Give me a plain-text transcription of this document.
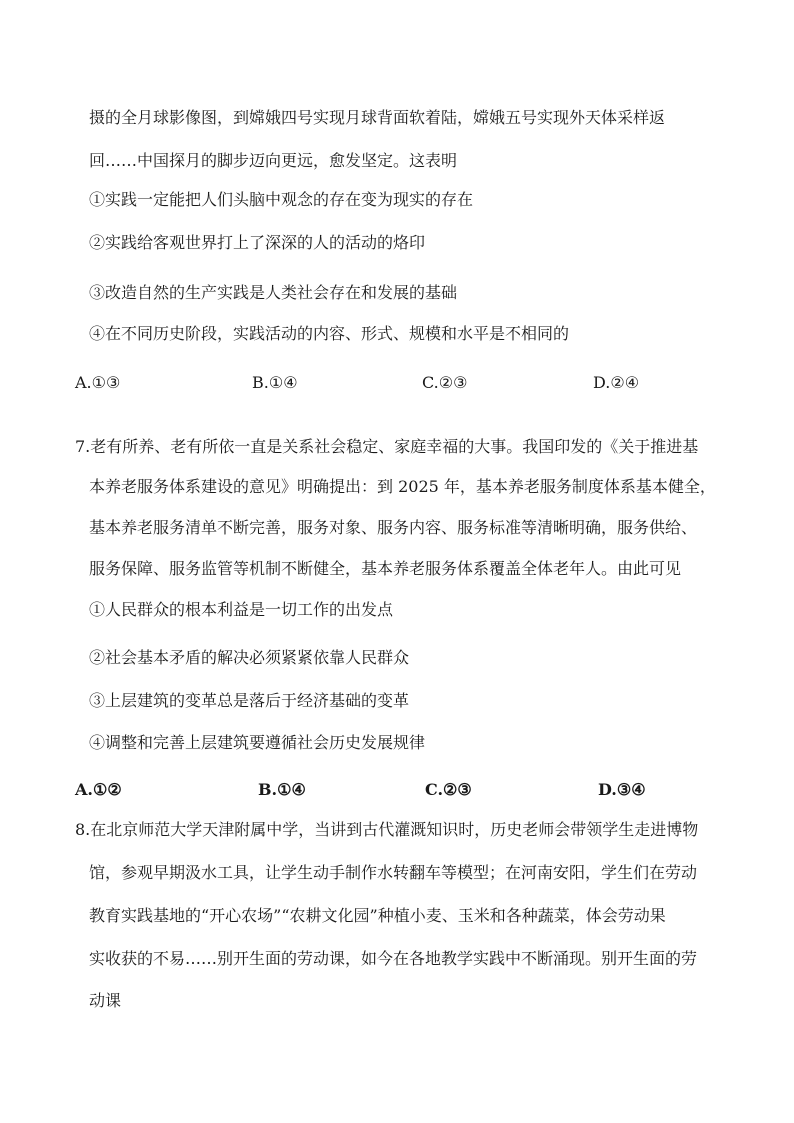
摄的全月球影像图，到嫦娥四号实现月球背面软着陆，嫦娥五号实现外天体采样返
回……中国探月的脚步迈向更远，愈发坚定。这表明
①实践一定能把人们头脑中观念的存在变为现实的存在
②实践给客观世界打上了深深的人的活动的烙印
③改造自然的生产实践是人类社会存在和发展的基础
④在不同历史阶段，实践活动的内容、形式、规模和水平是不相同的
A.①③	B.①④	C.②③	D.②④
7.老有所养、老有所依一直是关系社会稳定、家庭幸福的大事。我国印发的《关于推进基
本养老服务体系建设的意见》明确提出：到 2025 年，基本养老服务制度体系基本健全，
基本养老服务清单不断完善，服务对象、服务内容、服务标准等清晰明确，服务供给、
服务保障、服务监管等机制不断健全，基本养老服务体系覆盖全体老年人。由此可见
①人民群众的根本利益是一切工作的出发点
②社会基本矛盾的解决必须紧紧依靠人民群众
③上层建筑的变革总是落后于经济基础的变革
④调整和完善上层建筑要遵循社会历史发展规律
A.①②	B.①④	C.②③	D.③④
8.在北京师范大学天津附属中学，当讲到古代灌溉知识时，历史老师会带领学生走进博物
馆，参观早期汲水工具，让学生动手制作水转翻车等模型；在河南安阳，学生们在劳动
教育实践基地的“开心农场”“农耕文化园”种植小麦、玉米和各种蔬菜，体会劳动果
实收获的不易……别开生面的劳动课，如今在各地教学实践中不断涌现。别开生面的劳
动课
